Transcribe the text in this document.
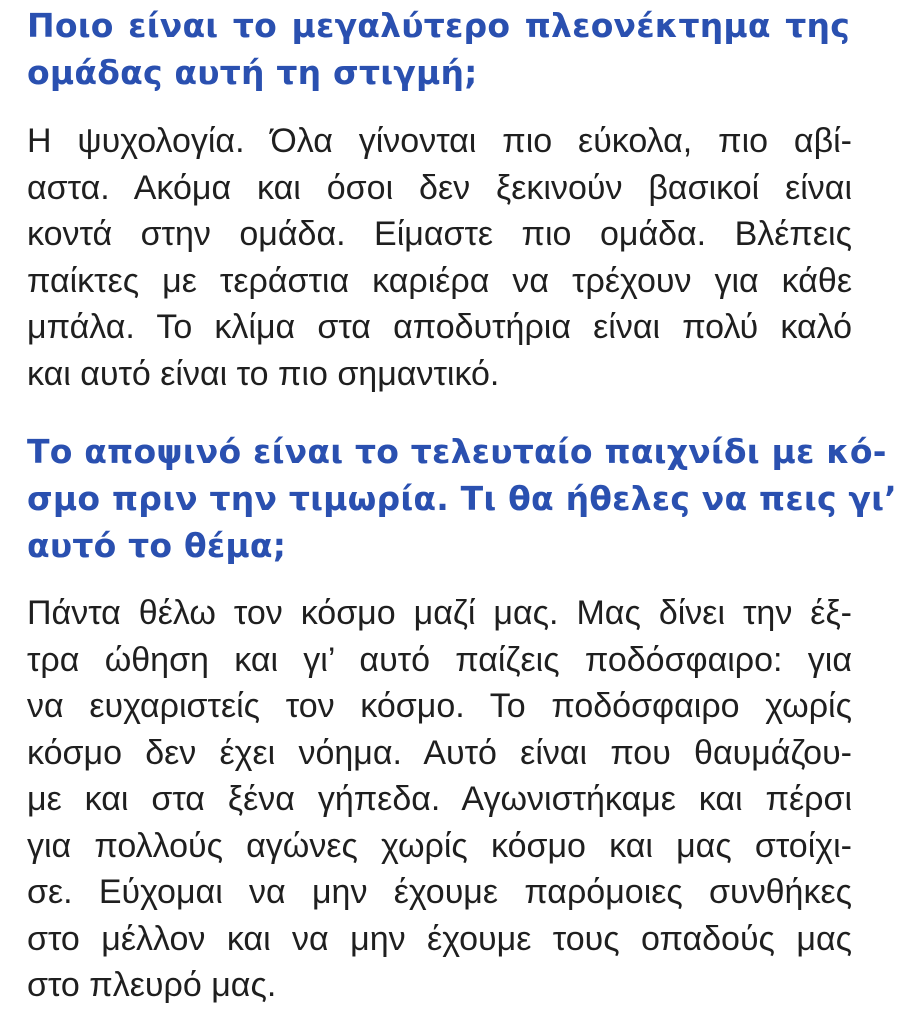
Ποιο είναι το μεγαλύτερο πλεονέκτημα της
ομάδας αυτή τη στιγμή;
Η ψυχολογία. Όλα γίνονται πιο εύκολα, πιο αβί-
αστα. Ακόμα και όσοι δεν ξεκινούν βασικοί είναι
κοντά στην ομάδα. Είμαστε πιο ομάδα. Βλέπεις
παίκτες με τεράστια καριέρα να τρέχουν για κάθε
μπάλα. Το κλίμα στα αποδυτήρια είναι πολύ καλό
και αυτό είναι το πιο σημαντικό.
Το αποψινό είναι το τελευταίο παιχνίδι με κό-
σμο πριν την τιμωρία. Τι θα ήθελες να πεις γι’
αυτό το θέμα;
Πάντα θέλω τον κόσμο μαζί μας. Μας δίνει την έξ-
τρα ώθηση και γι’ αυτό παίζεις ποδόσφαιρο: για
να ευχαριστείς τον κόσμο. Το ποδόσφαιρο χωρίς
κόσμο δεν έχει νόημα. Αυτό είναι που θαυμάζου-
με και στα ξένα γήπεδα. Αγωνιστήκαμε και πέρσι
για πολλούς αγώνες χωρίς κόσμο και μας στοίχι-
σε. Εύχομαι να μην έχουμε παρόμοιες συνθήκες
στο μέλλον και να μην έχουμε τους οπαδούς μας
στο πλευρό μας.
